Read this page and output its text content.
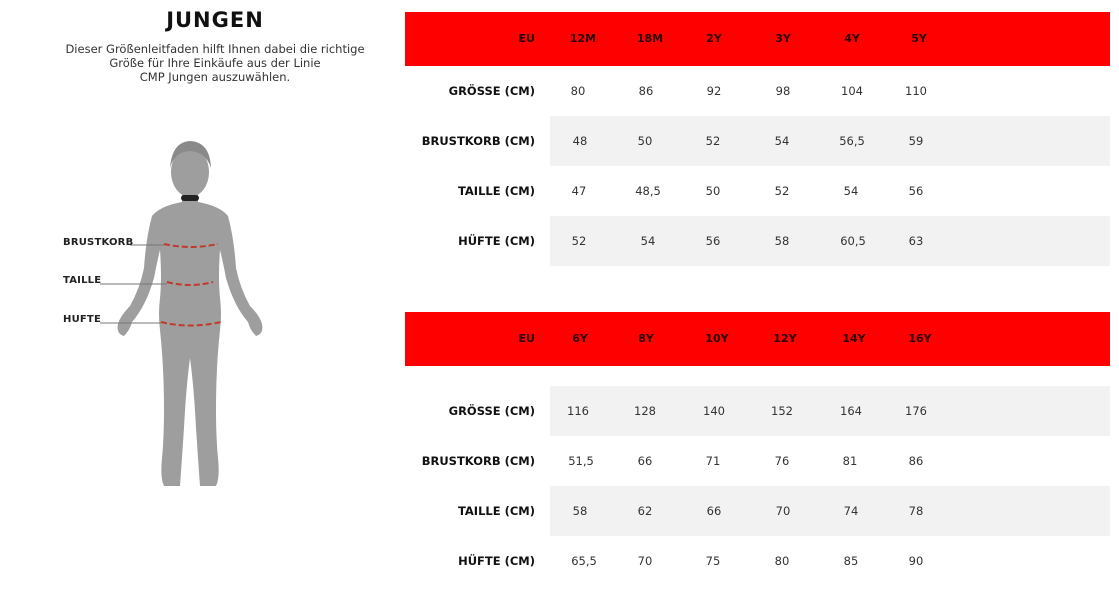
JUNGEN
Dieser Größenleitfaden hilft Ihnen dabei die richtige
Größe für Ihre Einkäufe aus der Linie
CMP Jungen auszuwählen.
BRUSTKORB
TAILLE
HUFTE
EU	12M	18M	2Y	3Y	4Y	5Y
GRÖSSE (CM)	80	86	92	98	104	110
BRUSTKORB (CM)	48	50	52	54	56,5	59
TAILLE (CM)	47	48,5	50	52	54	56
HÜFTE (CM)	52	54	56	58	60,5	63
EU	6Y	8Y	10Y	12Y	14Y	16Y
GRÖSSE (CM)	116	128	140	152	164	176
BRUSTKORB (CM)	51,5	66	71	76	81	86
TAILLE (CM)	58	62	66	70	74	78
HÜFTE (CM)	65,5	70	75	80	85	90
